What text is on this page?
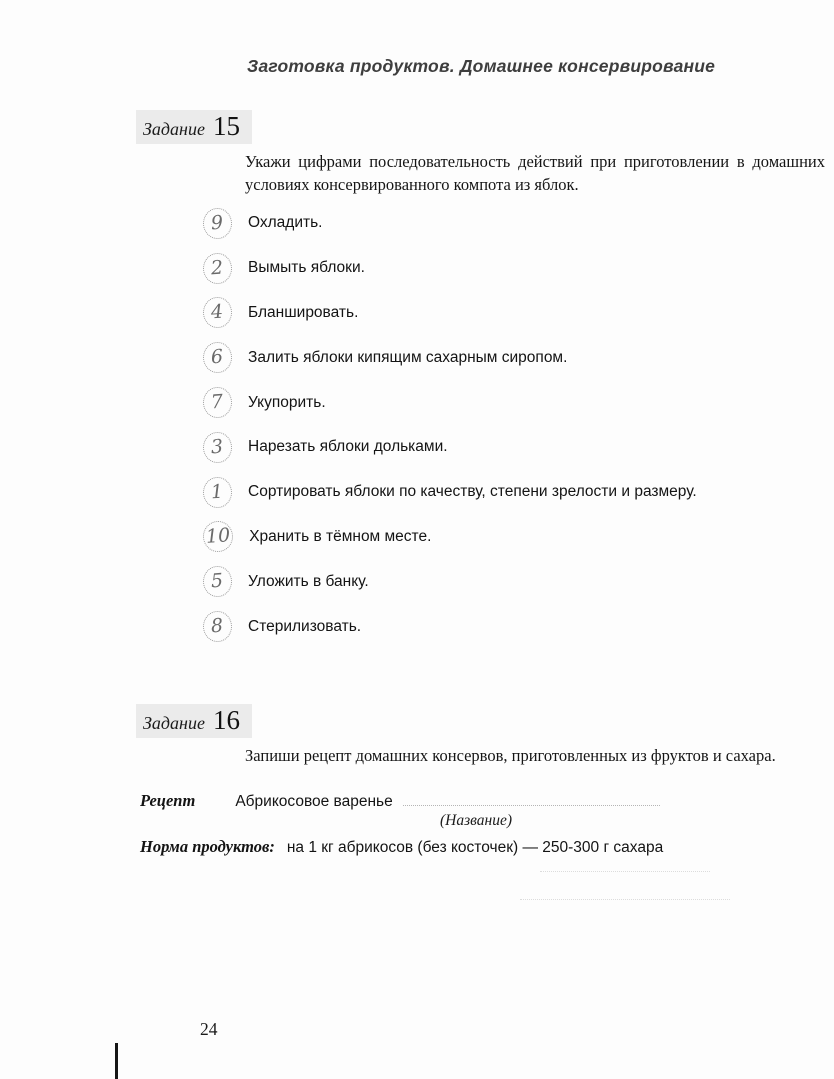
Заготовка продуктов. Домашнее консервирование
Задание 15

Укажи цифрами последовательность действий при приготовлении в домашних условиях консервированного компота из яблок.

9 Охладить.
2 Вымыть яблоки.
4 Бланшировать.
6 Залить яблоки кипящим сахарным сиропом.
7 Укупорить.
3 Нарезать яблоки дольками.
1 Сортировать яблоки по качеству, степени зрелости и размеру.
10 Хранить в тёмном месте.
5 Уложить в банку.
8 Стерилизовать.
Задание 16

Запиши рецепт домашних консервов, приготовленных из фруктов и сахара.

Рецепт	Абрикосовое варенье
(Название)
Норма продуктов: на 1 кг абрикосов (без косточек) — 250-300 г сахара
24
